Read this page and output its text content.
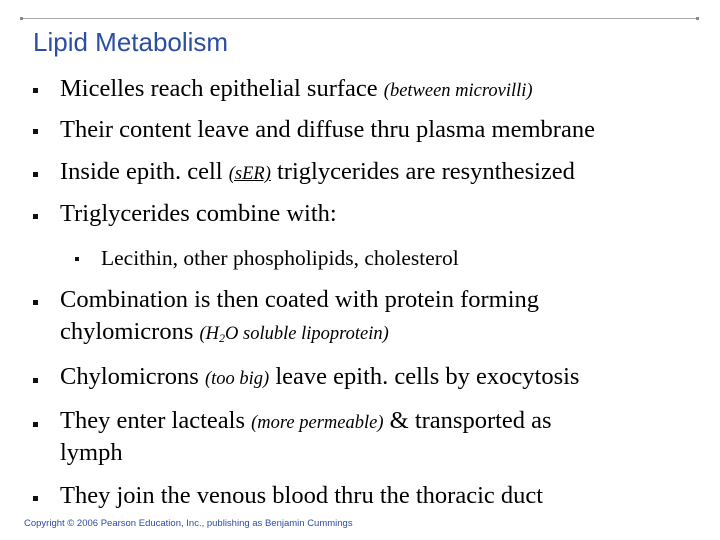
Lipid Metabolism
Micelles reach epithelial surface (between microvilli)
Their content leave and diffuse thru plasma membrane
Inside epith. cell (sER) triglycerides are resynthesized
Triglycerides combine with:
Lecithin, other phospholipids, cholesterol
Combination is then coated with protein forming
chylomicrons ($H_2O$ soluble lipoprotein)
Chylomicrons (too big) leave epith. cells by exocytosis
They enter lacteals (more permeable) & transported as
lymph
They join the venous blood thru the thoracic duct
Copyright © 2006 Pearson Education, Inc., publishing as Benjamin Cummings
